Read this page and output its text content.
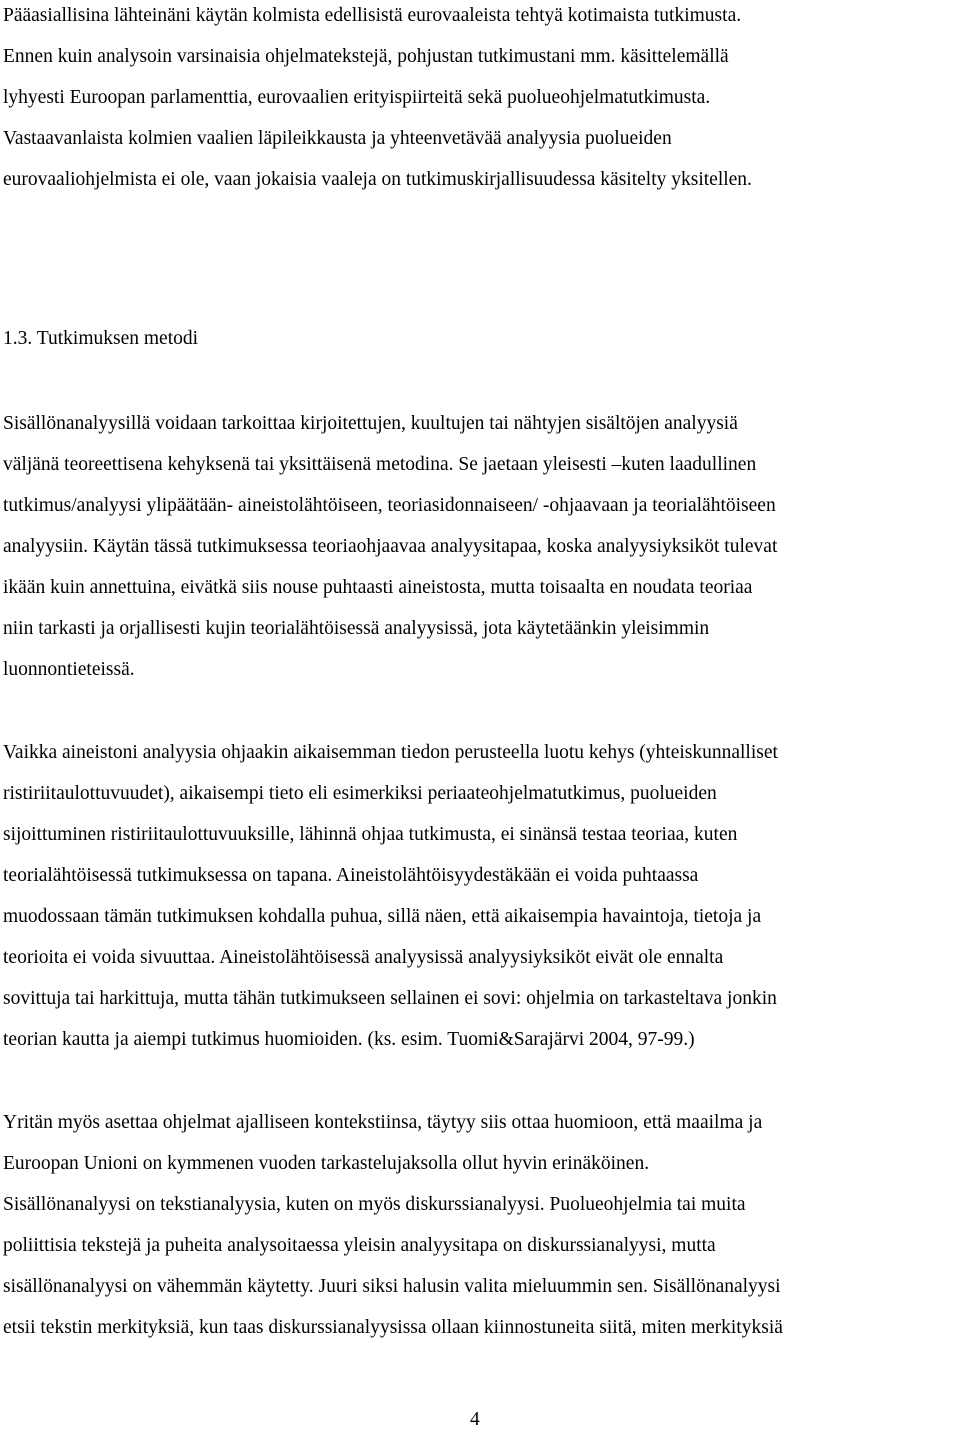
Pääasiallisina lähteinäni käytän kolmista edellisistä eurovaaleista tehtyä kotimaista tutkimusta.
Ennen kuin analysoin varsinaisia ohjelmatekstejä, pohjustan tutkimustani mm. käsittelemällä
lyhyesti Euroopan parlamenttia, eurovaalien erityispiirteitä sekä puolueohjelmatutkimusta.
Vastaavanlaista kolmien vaalien läpileikkausta ja yhteenvetävää analyysia puolueiden
eurovaaliohjelmista ei ole, vaan jokaisia vaaleja on tutkimuskirjallisuudessa käsitelty yksitellen.
1.3. Tutkimuksen metodi
Sisällönanalyysillä voidaan tarkoittaa kirjoitettujen, kuultujen tai nähtyjen sisältöjen analyysiä
väljänä teoreettisena kehyksenä tai yksittäisenä metodina. Se jaetaan yleisesti –kuten laadullinen
tutkimus/analyysi ylipäätään- aineistolähtöiseen, teoriasidonnaiseen/ -ohjaavaan ja teorialähtöiseen
analyysiin. Käytän tässä tutkimuksessa teoriaohjaavaa analyysitapaa, koska analyysiyksiköt tulevat
ikään kuin annettuina, eivätkä siis nouse puhtaasti aineistosta, mutta toisaalta en noudata teoriaa
niin tarkasti ja orjallisesti kujin teorialähtöisessä analyysissä, jota käytetäänkin yleisimmin
luonnontieteissä.
Vaikka aineistoni analyysia ohjaakin aikaisemman tiedon perusteella luotu kehys (yhteiskunnalliset
ristiriitaulottuvuudet), aikaisempi tieto eli esimerkiksi periaateohjelmatutkimus, puolueiden
sijoittuminen ristiriitaulottuvuuksille, lähinnä ohjaa tutkimusta, ei sinänsä testaa teoriaa, kuten
teorialähtöisessä tutkimuksessa on tapana. Aineistolähtöisyydestäkään ei voida puhtaassa
muodossaan tämän tutkimuksen kohdalla puhua, sillä näen, että aikaisempia havaintoja, tietoja ja
teorioita ei voida sivuuttaa. Aineistolähtöisessä analyysissä analyysiyksiköt eivät ole ennalta
sovittuja tai harkittuja, mutta tähän tutkimukseen sellainen ei sovi: ohjelmia on tarkasteltava jonkin
teorian kautta ja aiempi tutkimus huomioiden. (ks. esim. Tuomi&Sarajärvi 2004, 97-99.)
Yritän myös asettaa ohjelmat ajalliseen kontekstiinsa, täytyy siis ottaa huomioon, että maailma ja
Euroopan Unioni on kymmenen vuoden tarkastelujaksolla ollut hyvin erinäköinen.
Sisällönanalyysi on tekstianalyysia, kuten on myös diskurssianalyysi. Puolueohjelmia tai muita
poliittisia tekstejä ja puheita analysoitaessa yleisin analyysitapa on diskurssianalyysi, mutta
sisällönanalyysi on vähemmän käytetty. Juuri siksi halusin valita mieluummin sen. Sisällönanalyysi
etsii tekstin merkityksiä, kun taas diskurssianalyysissa ollaan kiinnostuneita siitä, miten merkityksiä
4
